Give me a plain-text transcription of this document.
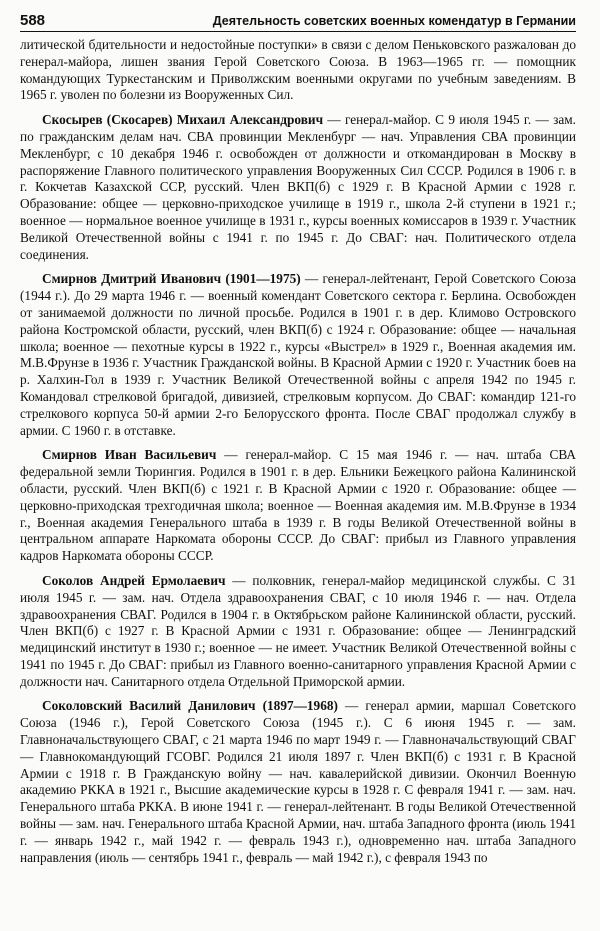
588	Деятельность советских военных комендатур в Германии

литической бдительности и недостойные поступки» в связи с делом Пеньковского разжалован до генерал-майора, лишен звания Герой Советского Союза. В 1963—1965 гг. — помощник командующих Туркестанским и Приволжским военными округами по учебным заведениям. В 1965 г. уволен по болезни из Вооруженных Сил.

Скосырев (Скосарев) Михаил Александрович — генерал-майор. С 9 июля 1945 г. — зам. по гражданским делам нач. СВА провинции Мекленбург — нач. Управления СВА провинции Мекленбург, с 10 декабря 1946 г. освобожден от должности и откомандирован в Москву в распоряжение Главного политического управления Вооруженных Сил СССР. Родился в 1906 г. в г. Кокчетав Казахской ССР, русский. Член ВКП(б) с 1929 г. В Красной Армии с 1928 г. Образование: общее — церковно-приходское училище в 1919 г., школа 2-й ступени в 1921 г.; военное — нормальное военное училище в 1931 г., курсы военных комиссаров в 1939 г. Участник Великой Отечественной войны с 1941 г. по 1945 г. До СВАГ: нач. Политического отдела соединения.

Смирнов Дмитрий Иванович (1901—1975) — генерал-лейтенант, Герой Советского Союза (1944 г.). До 29 марта 1946 г. — военный комендант Советского сектора г. Берлина. Освобожден от занимаемой должности по личной просьбе. Родился в 1901 г. в дер. Климово Островского района Костромской области, русский, член ВКП(б) с 1924 г. Образование: общее — начальная школа; военное — пехотные курсы в 1922 г., курсы «Выстрел» в 1929 г., Военная академия им. М.В.Фрунзе в 1936 г. Участник Гражданской войны. В Красной Армии с 1920 г. Участник боев на р. Халхин-Гол в 1939 г. Участник Великой Отечественной войны с апреля 1942 по 1945 г. Командовал стрелковой бригадой, дивизией, стрелковым корпусом. До СВАГ: командир 121-го стрелкового корпуса 50-й армии 2-го Белорусского фронта. После СВАГ продолжал службу в армии. С 1960 г. в отставке.

Смирнов Иван Васильевич — генерал-майор. С 15 мая 1946 г. — нач. штаба СВА федеральной земли Тюрингия. Родился в 1901 г. в дер. Ельники Бежецкого района Калининской области, русский. Член ВКП(б) с 1921 г. В Красной Армии с 1920 г. Образование: общее — церковно-приходская трехгодичная школа; военное — Военная академия им. М.В.Фрунзе в 1934 г., Военная академия Генерального штаба в 1939 г. В годы Великой Отечественной войны в центральном аппарате Наркомата обороны СССР. До СВАГ: прибыл из Главного управления кадров Наркомата обороны СССР.

Соколов Андрей Ермолаевич — полковник, генерал-майор медицинской службы. С 31 июля 1945 г. — зам. нач. Отдела здравоохранения СВАГ, с 10 июля 1946 г. — нач. Отдела здравоохранения СВАГ. Родился в 1904 г. в Октябрьском районе Калининской области, русский. Член ВКП(б) с 1927 г. В Красной Армии с 1931 г. Образование: общее — Ленинградский медицинский институт в 1930 г.; военное — не имеет. Участник Великой Отечественной войны с 1941 по 1945 г. До СВАГ: прибыл из Главного военно-санитарного управления Красной Армии с должности нач. Санитарного отдела Отдельной Приморской армии.

Соколовский Василий Данилович (1897—1968) — генерал армии, маршал Советского Союза (1946 г.), Герой Советского Союза (1945 г.). С 6 июня 1945 г. — зам. Главноначальствующего СВАГ, с 21 марта 1946 по март 1949 г. — Главноначальствующий СВАГ — Главнокомандующий ГСОВГ. Родился 21 июля 1897 г. Член ВКП(б) с 1931 г. В Красной Армии с 1918 г. В Гражданскую войну — нач. кавалерийской дивизии. Окончил Военную академию РККА в 1921 г., Высшие академические курсы в 1928 г. С февраля 1941 г. — зам. нач. Генерального штаба РККА. В июне 1941 г. — генерал-лейтенант. В годы Великой Отечественной войны — зам. нач. Генерального штаба Красной Армии, нач. штаба Западного фронта (июль 1941 г. — январь 1942 г., май 1942 г. — февраль 1943 г.), одновременно нач. штаба Западного направления (июль — сентябрь 1941 г., февраль — май 1942 г.), с февраля 1943 по
